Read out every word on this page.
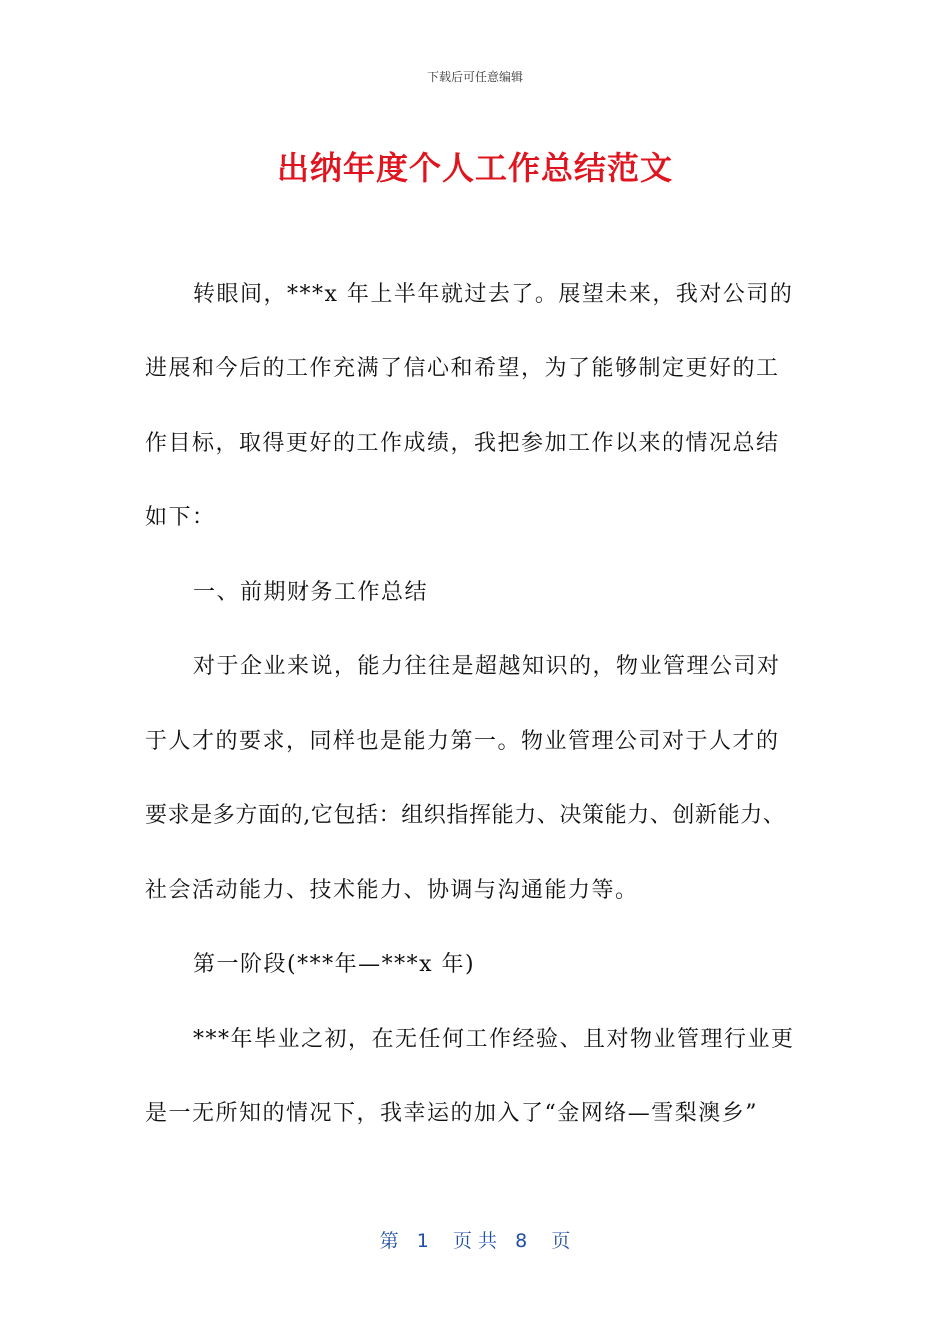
下载后可任意编辑
出纳年度个人工作总结范文
转眼间，***x 年上半年就过去了。展望未来，我对公司的
进展和今后的工作充满了信心和希望，为了能够制定更好的工
作目标，取得更好的工作成绩，我把参加工作以来的情况总结
如下：
一、前期财务工作总结
对于企业来说，能力往往是超越知识的，物业管理公司对
于人才的要求，同样也是能力第一。物业管理公司对于人才的
要求是多方面的,它包括：组织指挥能力、决策能力、创新能力、
社会活动能力、技术能力、协调与沟通能力等。
第一阶段(***年—***x 年)
***年毕业之初，在无任何工作经验、且对物业管理行业更
是一无所知的情况下，我幸运的加入了“金网络—雪梨澳乡”
第   1    页 共   8    页
